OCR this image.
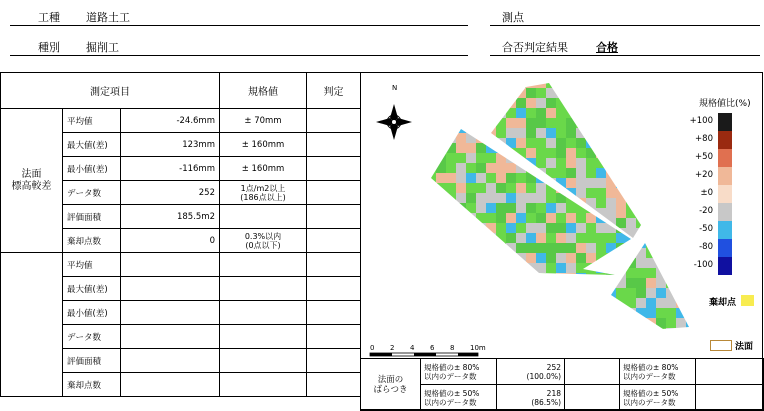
工種 道路土工	測点
種別 掘削工	合否判定結果	合格
測定項目			規格値	判定
法面
標高較差	平均値	-24.6mm	± 70mm	
	最大値(差)	123mm	± 160mm	
	最小値(差)	-116mm	± 160mm	
	データ数	252	1点/m2以上
(186点以上)	
	評価面積	185.5m2		
	棄却点数	0	0.3%以内
(0点以下)	
	平均値			
	最大値(差)			
	最小値(差)			
	データ数			
	評価面積			
	棄却点数			
N
0 2 4 6 8 10m
規格値比(%)
+100
+80
+50
+20
±0
-20
-50
-80
-100
棄却点
法面
法面の
ばらつき	規格値の± 80%
以内のデータ数	252
(100.0%)		規格値の± 80%
以内のデータ数	
	規格値の± 50%
以内のデータ数	218
(86.5%)		規格値の± 50%
以内のデータ数	
